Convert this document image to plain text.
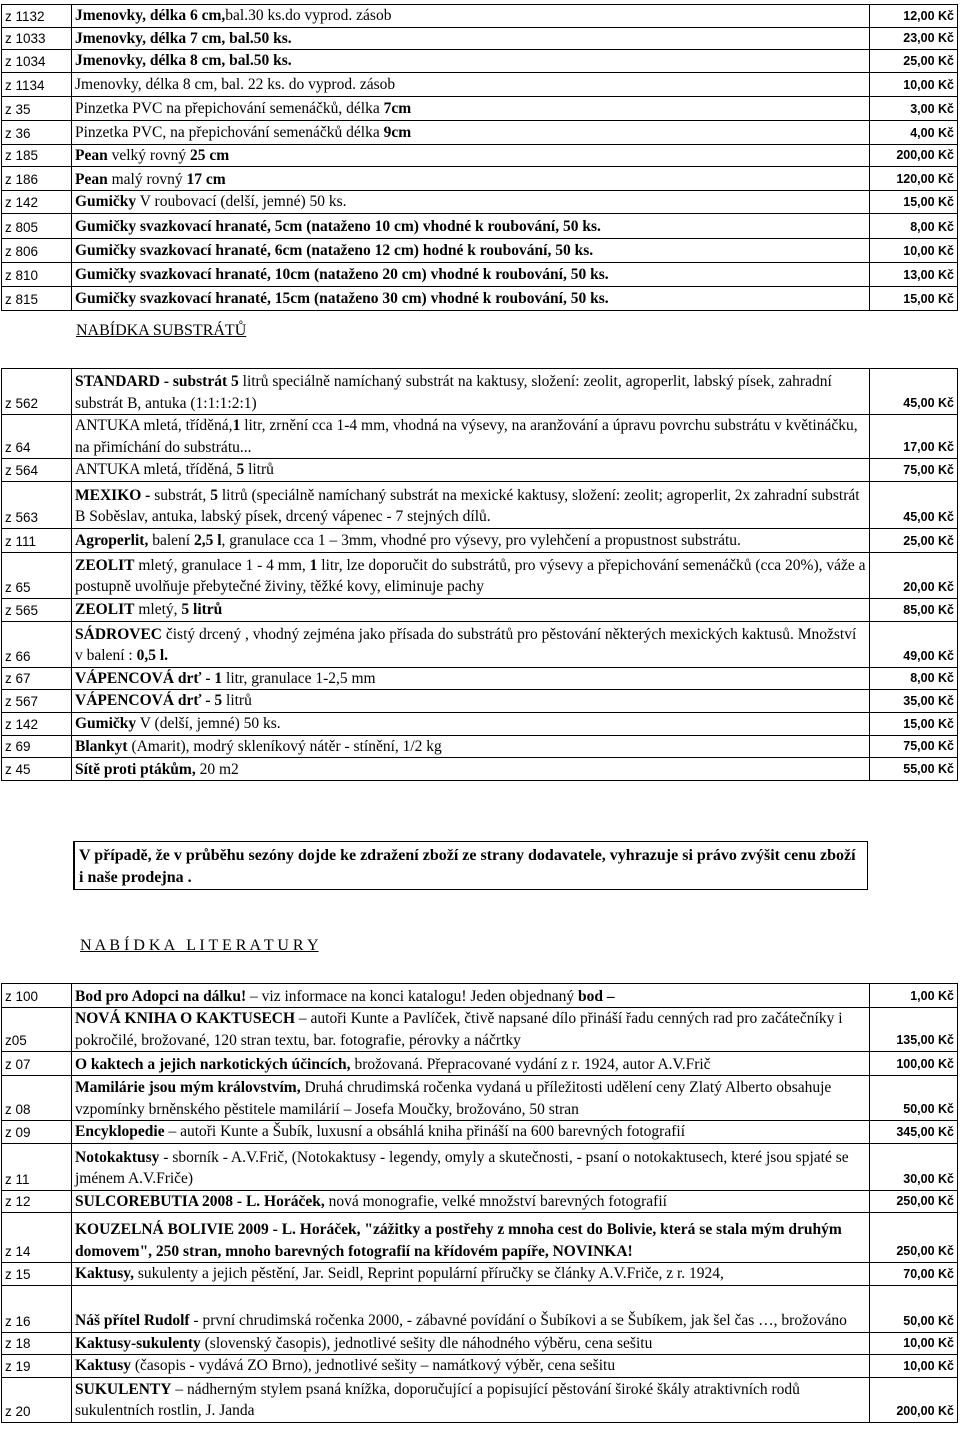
z 1132	Jmenovky, délka 6 cm,bal.30 ks.do vyprod. zásob	12,00 Kč
z 1033	Jmenovky, délka 7 cm, bal.50 ks.	23,00 Kč
z 1034	Jmenovky, délka 8 cm, bal.50 ks.	25,00 Kč
z 1134	Jmenovky, délka 8 cm, bal. 22 ks. do vyprod. zásob	10,00 Kč
z 35	Pinzetka PVC na přepichování semenáčků, délka 7cm	3,00 Kč
z 36	Pinzetka PVC, na přepichování semenáčků délka 9cm	4,00 Kč
z 185	Pean velký rovný 25 cm	200,00 Kč
z 186	Pean malý rovný 17 cm	120,00 Kč
z 142	Gumičky V roubovací (delší, jemné) 50 ks.	15,00 Kč
z 805	Gumičky svazkovací hranaté, 5cm (nataženo 10 cm) vhodné k roubování, 50 ks.	8,00 Kč
z 806	Gumičky svazkovací hranaté, 6cm (nataženo 12 cm) hodné k roubování, 50 ks.	10,00 Kč
z 810	Gumičky svazkovací hranaté, 10cm (nataženo 20 cm) vhodné k roubování, 50 ks.	13,00 Kč
z 815	Gumičky svazkovací hranaté, 15cm (nataženo 30 cm) vhodné k roubování, 50 ks.	15,00 Kč
NABÍDKA SUBSTRÁTŮ
z 562	STANDARD - substrát 5 litrů speciálně namíchaný substrát na kaktusy, složení: zeolit, agroperlit, labský písek, zahradní substrát B, antuka (1:1:1:2:1)	45,00 Kč
z 64	ANTUKA mletá, tříděná,1 litr, zrnění cca 1-4 mm, vhodná na výsevy, na aranžování a úpravu povrchu substrátu v květináčku, na přimíchání do substrátu...	17,00 Kč
z 564	ANTUKA mletá, tříděná, 5 litrů	75,00 Kč
z 563	MEXIKO - substrát, 5 litrů (speciálně namíchaný substrát na mexické kaktusy, složení: zeolit; agroperlit, 2x zahradní substrát B Soběslav, antuka, labský písek, drcený vápenec - 7 stejných dílů.	45,00 Kč
z 111	Agroperlit, balení 2,5 l, granulace cca 1 – 3mm, vhodné pro výsevy, pro vylehčení a propustnost substrátu.	25,00 Kč
z 65	ZEOLIT mletý, granulace 1 - 4 mm, 1 litr, lze doporučit do substrátů, pro výsevy a přepichování semenáčků (cca 20%), váže a postupně uvolňuje přebytečné živiny, těžké kovy, eliminuje pachy	20,00 Kč
z 565	ZEOLIT mletý, 5 litrů	85,00 Kč
z 66	SÁDROVEC čistý drcený , vhodný zejména jako přísada do substrátů pro pěstování některých mexických kaktusů. Množství v balení : 0,5 l.	49,00 Kč
z 67	VÁPENCOVÁ drť - 1 litr, granulace 1-2,5 mm	8,00 Kč
z 567	VÁPENCOVÁ drť - 5 litrů	35,00 Kč
z 142	Gumičky V (delší, jemné) 50 ks.	15,00 Kč
z 69	Blankyt (Amarit), modrý skleníkový nátěr - stínění, 1/2 kg	75,00 Kč
z 45	Sítě proti ptákům, 20 m2	55,00 Kč
V případě, že v průběhu sezóny dojde ke zdražení zboží ze strany dodavatele, vyhrazuje si právo zvýšit cenu zboží i naše prodejna .
N A B Í D K A   L I T E R A T U R Y
z 100	Bod pro Adopci na dálku! – viz informace na konci katalogu! Jeden objednaný bod –	1,00 Kč
z05	NOVÁ KNIHA O KAKTUSECH – autoři Kunte a Pavlíček, čtivě napsané dílo přináší řadu cenných rad pro začátečníky i pokročilé, brožované, 120 stran textu, bar. fotografie, pérovky a náčrtky	135,00 Kč
z 07	O kaktech a jejich narkotických účincích, brožovaná. Přepracované vydání z r. 1924, autor A.V.Frič	100,00 Kč
z 08	Mamilárie jsou mým královstvím, Druhá chrudimská ročenka vydaná u příležitosti udělení ceny Zlatý Alberto obsahuje vzpomínky brněnského pěstitele mamilárií – Josefa Moučky, brožováno, 50 stran	50,00 Kč
z 09	Encyklopedie – autoři Kunte a Šubík, luxusní a obsáhlá kniha přináší na 600 barevných fotografií	345,00 Kč
z 11	Notokaktusy - sborník - A.V.Frič, (Notokaktusy - legendy, omyly a skutečnosti, - psaní o notokaktusech, které jsou spjaté se jménem A.V.Friče)	30,00 Kč
z 12	SULCOREBUTIA 2008 - L. Horáček, nová monografie, velké množství barevných fotografií	250,00 Kč
z 14	KOUZELNÁ BOLIVIE 2009 - L. Horáček, "zážitky a postřehy z mnoha cest do Bolivie, která se stala mým druhým domovem", 250 stran, mnoho barevných fotografií na křídovém papíře, NOVINKA!	250,00 Kč
z 15	Kaktusy, sukulenty a jejich pěstění, Jar. Seidl, Reprint populární příručky se články A.V.Friče, z r. 1924,	70,00 Kč
z 16	Náš přítel Rudolf - první chrudimská ročenka 2000, - zábavné povídání o Šubíkovi a se Šubíkem, jak šel čas …, brožováno	50,00 Kč
z 18	Kaktusy-sukulenty (slovenský časopis), jednotlivé sešity dle náhodného výběru, cena sešitu	10,00 Kč
z 19	Kaktusy (časopis - vydává ZO Brno), jednotlivé sešity – namátkový výběr, cena sešitu	10,00 Kč
z 20	SUKULENTY – nádherným stylem psaná knížka, doporučující a popisující pěstování široké škály atraktivních rodů sukulentních rostlin, J. Janda	200,00 Kč
